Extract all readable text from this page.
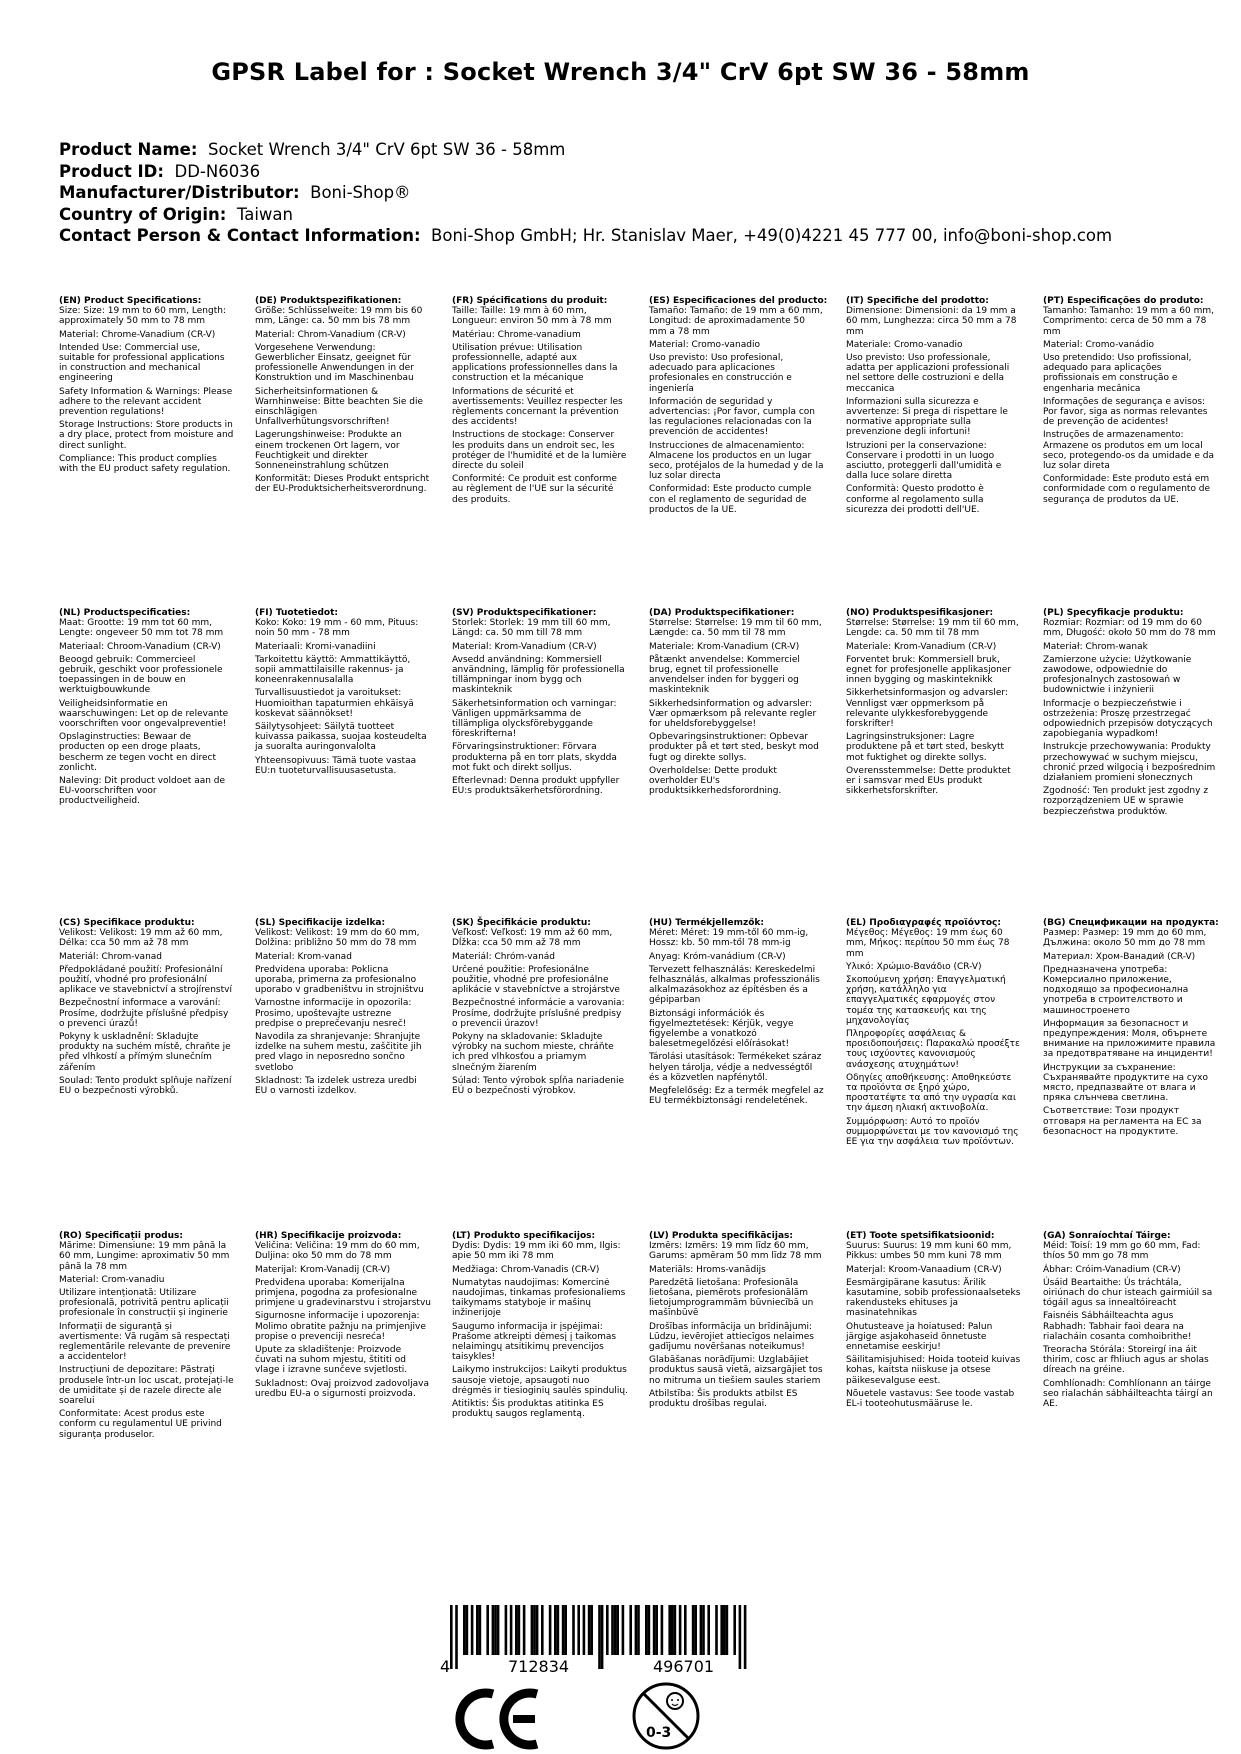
GPSR Label for : Socket Wrench 3/4" CrV 6pt SW 36 - 58mm
Product Name: Socket Wrench 3/4" CrV 6pt SW 36 - 58mm
Product ID: DD-N6036
Manufacturer/Distributor: Boni-Shop®
Country of Origin: Taiwan
Contact Person & Contact Information: Boni-Shop GmbH; Hr. Stanislav Maer, +49(0)4221 45 777 00, info@boni-shop.com
(EN) Product Specifications:

Size: Size: 19 mm to 60 mm, Length: approximately 50 mm to 78 mm

Material: Chrome-Vanadium (CR-V)

Intended Use: Commercial use, suitable for professional applications in construction and mechanical engineering

Safety Information & Warnings: Please adhere to the relevant accident prevention regulations!

Storage Instructions: Store products in a dry place, protect from moisture and direct sunlight.

Compliance: This product complies with the EU product safety regulation.

(DE) Produktspezifikationen:

Größe: Schlüsselweite: 19 mm bis 60 mm, Länge: ca. 50 mm bis 78 mm

Material: Chrom-Vanadium (CR-V)

Vorgesehene Verwendung: Gewerblicher Einsatz, geeignet für professionelle Anwendungen in der Konstruktion und im Maschinenbau

Sicherheitsinformationen & Warnhinweise: Bitte beachten Sie die einschlägigen Unfallverhütungsvorschriften!

Lagerungshinweise: Produkte an einem trockenen Ort lagern, vor Feuchtigkeit und direkter Sonneneinstrahlung schützen

Konformität: Dieses Produkt entspricht der EU-Produktsicherheitsverordnung.

(FR) Spécifications du produit:

Taille: Taille: 19 mm à 60 mm, Longueur: environ 50 mm à 78 mm

Matériau: Chrome-vanadium

Utilisation prévue: Utilisation professionnelle, adapté aux applications professionnelles dans la construction et la mécanique

Informations de sécurité et avertissements: Veuillez respecter les règlements concernant la prévention des accidents!

Instructions de stockage: Conserver les produits dans un endroit sec, les protéger de l'humidité et de la lumière directe du soleil

Conformité: Ce produit est conforme au règlement de l'UE sur la sécurité des produits.

(ES) Especificaciones del producto:

Tamaño: Tamaño: de 19 mm a 60 mm, Longitud: de aproximadamente 50 mm a 78 mm

Material: Cromo-vanadio

Uso previsto: Uso profesional, adecuado para aplicaciones profesionales en construcción e ingeniería

Información de seguridad y advertencias: ¡Por favor, cumpla con las regulaciones relacionadas con la prevención de accidentes!

Instrucciones de almacenamiento: Almacene los productos en un lugar seco, protéjalos de la humedad y de la luz solar directa

Conformidad: Este producto cumple con el reglamento de seguridad de productos de la UE.

(IT) Specifiche del prodotto:

Dimensione: Dimensioni: da 19 mm a 60 mm, Lunghezza: circa 50 mm a 78 mm

Materiale: Cromo-vanadio

Uso previsto: Uso professionale, adatta per applicazioni professionali nel settore delle costruzioni e della meccanica

Informazioni sulla sicurezza e avvertenze: Si prega di rispettare le normative appropriate sulla prevenzione degli infortuni!

Istruzioni per la conservazione: Conservare i prodotti in un luogo asciutto, proteggerli dall'umidità e dalla luce solare diretta

Conformità: Questo prodotto è conforme al regolamento sulla sicurezza dei prodotti dell'UE.

(PT) Especificações do produto:

Tamanho: Tamanho: 19 mm a 60 mm, Comprimento: cerca de 50 mm a 78 mm

Material: Cromo-vanádio

Uso pretendido: Uso profissional, adequado para aplicações profissionais em construção e engenharia mecânica

Informações de segurança e avisos: Por favor, siga as normas relevantes de prevenção de acidentes!

Instruções de armazenamento: Armazene os produtos em um local seco, protegendo-os da umidade e da luz solar direta

Conformidade: Este produto está em conformidade com o regulamento de segurança de produtos da UE.

(NL) Productspecificaties:

Maat: Grootte: 19 mm tot 60 mm, Lengte: ongeveer 50 mm tot 78 mm

Materiaal: Chroom-Vanadium (CR-V)

Beoogd gebruik: Commercieel gebruik, geschikt voor professionele toepassingen in de bouw en werktuigbouwkunde

Veiligheidsinformatie en waarschuwingen: Let op de relevante voorschriften voor ongevalpreventie!

Opslaginstructies: Bewaar de producten op een droge plaats, bescherm ze tegen vocht en direct zonlicht.

Naleving: Dit product voldoet aan de EU-voorschriften voor productveiligheid.

(FI) Tuotetiedot:

Koko: Koko: 19 mm - 60 mm, Pituus: noin 50 mm - 78 mm

Materiaali: Kromi-vanadiini

Tarkoitettu käyttö: Ammattikäyttö, sopii ammattilaisille rakennus- ja koneenrakennusalalla

Turvallisuustiedot ja varoitukset: Huomioithan tapaturmien ehkäisyä koskevat säännökset!

Säilytysohjeet: Säilytä tuotteet kuivassa paikassa, suojaa kosteudelta ja suoralta auringonvalolta

Yhteensopivuus: Tämä tuote vastaa EU:n tuoteturvallisuusasetusta.

(SV) Produktspecifikationer:

Storlek: Storlek: 19 mm till 60 mm, Längd: ca. 50 mm till 78 mm

Material: Krom-Vanadium (CR-V)

Avsedd användning: Kommersiell användning, lämplig för professionella tillämpningar inom bygg och maskinteknik

Säkerhetsinformation och varningar: Vänligen uppmärksamma de tillämpliga olycksförebyggande föreskrifterna!

Förvaringsinstruktioner: Förvara produkterna på en torr plats, skydda mot fukt och direkt solljus.

Efterlevnad: Denna produkt uppfyller EU:s produktsäkerhetsförordning.

(DA) Produktspecifikationer:

Størrelse: Størrelse: 19 mm til 60 mm, Længde: ca. 50 mm til 78 mm

Materiale: Krom-Vanadium (CR-V)

Påtænkt anvendelse: Kommerciel brug, egnet til professionelle anvendelser inden for byggeri og maskinteknik

Sikkerhedsinformation og advarsler: Vær opmærksom på relevante regler for uheldsforebyggelse!

Opbevaringsinstruktioner: Opbevar produkter på et tørt sted, beskyt mod fugt og direkte sollys.

Overholdelse: Dette produkt overholder EU's produktsikkerhedsforordning.

(NO) Produktspesifikasjoner:

Størrelse: Størrelse: 19 mm til 60 mm, Lengde: ca. 50 mm til 78 mm

Materiale: Krom-Vanadium (CR-V)

Forventet bruk: Kommersiell bruk, egnet for profesjonelle applikasjoner innen bygging og maskinteknikk

Sikkerhetsinformasjon og advarsler: Vennligst vær oppmerksom på relevante ulykkesforebyggende forskrifter!

Lagringsinstruksjoner: Lagre produktene på et tørt sted, beskytt mot fuktighet og direkte sollys.

Overensstemmelse: Dette produktet er i samsvar med EUs produkt sikkerhetsforskrifter.

(PL) Specyfikacje produktu:

Rozmiar: Rozmiar: od 19 mm do 60 mm, Długość: około 50 mm do 78 mm

Materiał: Chrom-wanak

Zamierzone użycie: Użytkowanie zawodowe, odpowiednie do profesjonalnych zastosowań w budownictwie i inżynierii

Informacje o bezpieczeństwie i ostrzeżenia: Proszę przestrzegać odpowiednich przepisów dotyczących zapobiegania wypadkom!

Instrukcje przechowywania: Produkty przechowywać w suchym miejscu, chronić przed wilgocią i bezpośrednim działaniem promieni słonecznych

Zgodność: Ten produkt jest zgodny z rozporządzeniem UE w sprawie bezpieczeństwa produktów.

(CS) Specifikace produktu:

Velikost: Velikost: 19 mm až 60 mm, Délka: cca 50 mm až 78 mm

Materiál: Chrom-vanad

Předpokládané použití: Profesionální použití, vhodné pro profesionální aplikace ve stavebnictví a strojírenství

Bezpečnostní informace a varování: Prosíme, dodržujte příslušné předpisy o prevenci úrazů!

Pokyny k uskladnění: Skladujte produkty na suchém místě, chraňte je před vlhkostí a přímým slunečním zářením

Soulad: Tento produkt splňuje nařízení EU o bezpečnosti výrobků.

(SL) Specifikacije izdelka:

Velikost: Velikost: 19 mm do 60 mm, Dolžina: približno 50 mm do 78 mm

Material: Krom-vanad

Predvidena uporaba: Poklicna uporaba, primerna za profesionalno uporabo v gradbeništvu in strojništvu

Varnostne informacije in opozorila: Prosimo, upoštevajte ustrezne predpise o preprečevanju nesreč!

Navodila za shranjevanje: Shranjujte izdelke na suhem mestu, zaščitite jih pred vlago in neposredno sončno svetlobo

Skladnost: Ta izdelek ustreza uredbi EU o varnosti izdelkov.

(SK) Špecifikácie produktu:

Veľkosť: Veľkosť: 19 mm až 60 mm, Dĺžka: cca 50 mm až 78 mm

Materiál: Chróm-vanád

Určené použitie: Profesionálne použitie, vhodné pre profesionálne aplikácie v stavebníctve a strojárstve

Bezpečnostné informácie a varovania: Prosíme, dodržujte príslušné predpisy o prevencii úrazov!

Pokyny na skladovanie: Skladujte výrobky na suchom mieste, chráňte ich pred vlhkosťou a priamym slnečným žiarením

Súlad: Tento výrobok spĺňa nariadenie EÚ o bezpečnosti výrobkov.

(HU) Termékjellemzők:

Méret: Méret: 19 mm-től 60 mm-ig, Hossz: kb. 50 mm-től 78 mm-ig

Anyag: Króm-vanádium (CR-V)

Tervezett felhasználás: Kereskedelmi felhasználás, alkalmas professzionális alkalmazásokhoz az építésben és a gépiparban

Biztonsági információk és figyelmeztetések: Kérjük, vegye figyelembe a vonatkozó balesetmegelőzési előírásokat!

Tárolási utasítások: Termékeket száraz helyen tárolja, védje a nedvességtől és a közvetlen napfénytől.

Megfelelőség: Ez a termék megfelel az EU termékbiztonsági rendeletének.

(EL) Προδιαγραφές προϊόντος:

Μέγεθος: Μέγεθος: 19 mm έως 60 mm, Μήκος: περίπου 50 mm έως 78 mm

Υλικό: Χρώμιο-Βανάδιο (CR-V)

Σκοπούμενη χρήση: Επαγγελματική χρήση, κατάλληλο για επαγγελματικές εφαρμογές στον τομέα της κατασκευής και της μηχανολογίας

Πληροφορίες ασφάλειας & προειδοποιήσεις: Παρακαλώ προσέξτε τους ισχύοντες κανονισμούς ανάσχεσης ατυχημάτων!

Οδηγίες αποθήκευσης: Αποθηκεύστε τα προϊόντα σε ξηρό χώρο, προστατέψτε τα από την υγρασία και την άμεση ηλιακή ακτινοβολία.

Συμμόρφωση: Αυτό το προϊόν συμμορφώνεται με τον κανονισμό της ΕΕ για την ασφάλεια των προϊόντων.

(BG) Спецификации на продукта:

Размер: Размер: 19 mm до 60 mm, Дължина: около 50 mm до 78 mm

Материал: Хром-Ванадий (CR-V)

Предназначена употреба: Комерсиално приложение, подходящо за професионална употреба в строителството и машиностроенето

Информация за безопасност и предупреждения: Моля, обърнете внимание на приложимите правила за предотвратяване на инциденти!

Инструкции за съхранение: Съхранявайте продуктите на сухо място, предпазвайте от влага и пряка слънчева светлина.

Съответствие: Този продукт отговаря на регламента на ЕС за безопасност на продуктите.

(RO) Specificații produs:

Mărime: Dimensiune: 19 mm până la 60 mm, Lungime: aproximativ 50 mm până la 78 mm

Material: Crom-vanadiu

Utilizare intenționată: Utilizare profesională, potrivită pentru aplicații profesionale în construcții și inginerie

Informații de siguranță și avertismente: Vă rugăm să respectați reglementările relevante de prevenire a accidentelor!

Instrucțiuni de depozitare: Păstrați produsele într-un loc uscat, protejați-le de umiditate și de razele directe ale soarelui

Conformitate: Acest produs este conform cu regulamentul UE privind siguranța produselor.

(HR) Specifikacije proizvoda:

Veličina: Veličina: 19 mm do 60 mm, Duljina: oko 50 mm do 78 mm

Materijal: Krom-Vanadij (CR-V)

Predviđena uporaba: Komerijalna primjena, pogodna za profesionalne primjene u gradevinarstvu i strojarstvu

Sigurnosne informacije i upozorenja: Molimo obratite pažnju na primjenjive propise o prevenciji nesreća!

Upute za skladištenje: Proizvode čuvati na suhom mjestu, štititi od vlage i izravne sunčeve svjetlosti.

Sukladnost: Ovaj proizvod zadovoljava uredbu EU-a o sigurnosti proizvoda.

(LT) Produkto specifikacijos:

Dydis: Dydis: 19 mm iki 60 mm, Ilgis: apie 50 mm iki 78 mm

Medžiaga: Chrom-Vanadis (CR-V)

Numatytas naudojimas: Komercinė naudojimas, tinkamas profesionaliems taikymams statyboje ir mašinų inžinerijoje

Saugumo informacija ir įspėjimai: Prašome atkreipti dėmesį į taikomas nelaimingų atsitikimų prevencijos taisykles!

Laikymo instrukcijos: Laikyti produktus sausoje vietoje, apsaugoti nuo drėgmės ir tiesioginių saulės spindulių.

Atitiktis: Šis produktas atitinka ES produktų saugos reglamentą.

(LV) Produkta specifikācijas:

Izmērs: Izmērs: 19 mm līdz 60 mm, Garums: apmēram 50 mm līdz 78 mm

Materiāls: Hroms-vanādijs

Paredzētā lietošana: Profesionāla lietošana, piemērots profesionālām lietojumprogrammām būvniecībā un mašīnbūvē

Drošības informācija un brīdinājumi: Lūdzu, ievērojiet attiecīgos nelaimes gadījumu novēršanas noteikumus!

Glabāšanas norādījumi: Uzglabājiet produktus sausā vietā, aizsargājiet tos no mitruma un tiešiem saules stariem

Atbilstība: Šis produkts atbilst ES produktu drošības regulai.

(ET) Toote spetsifikatsioonid:

Suurus: Suurus: 19 mm kuni 60 mm, Pikkus: umbes 50 mm kuni 78 mm

Materjal: Kroom-Vanaadium (CR-V)

Eesmärgipärane kasutus: Ärilik kasutamine, sobib professionaalseteks rakendusteks ehituses ja masinatehnikas

Ohutusteave ja hoiatused: Palun järgige asjakohaseid õnnetuste ennetamise eeskirju!

Säilitamisjuhised: Hoida tooteid kuivas kohas, kaitsta niiskuse ja otsese päikesevalguse eest.

Nõuetele vastavus: See toode vastab EL-i tooteohutusmääruse le.

(GA) Sonraíochtaí Táirge:

Méid: Toisí: 19 mm go 60 mm, Fad: thíos 50 mm go 78 mm

Ábhar: Cróim-Vanadium (CR-V)

Úsáid Beartaithe: Ús tráchtála, oiriúnach do chur isteach gairmiúil sa tógáil agus sa innealtóireacht

Faisnéis Sábháilteachta agus Rabhadh: Tabhair faoi deara na rialacháin cosanta comhoibrithe!

Treoracha Stórála: Storeirgí ina áit thirim, cosc ar fhliuch agus ar sholas díreach na gréine.

Comhlíonadh: Comhlíonann an táirge seo rialachán sábháilteachta táirgí an AE.

4	712834	496701
0-3
